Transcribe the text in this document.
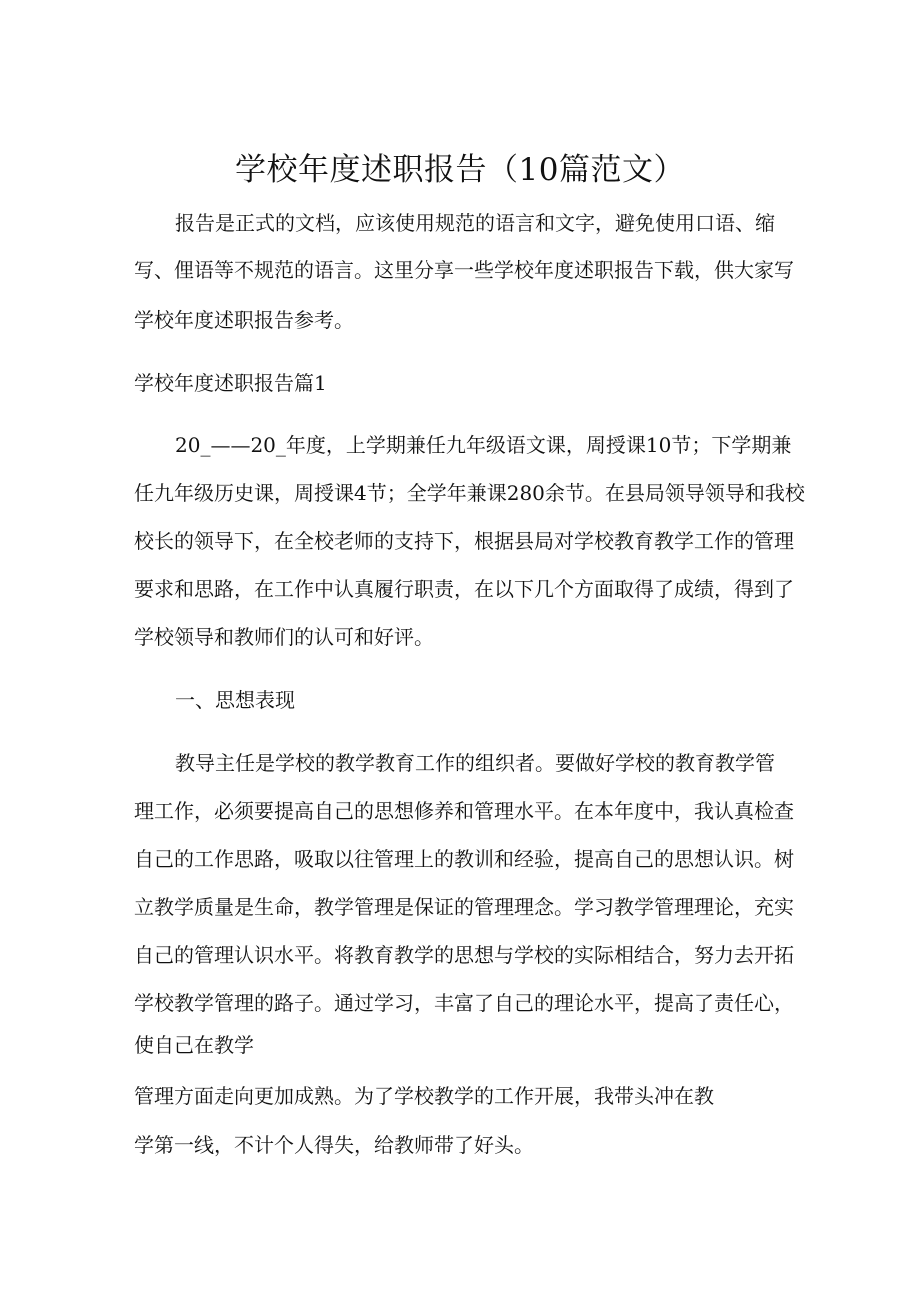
学校年度述职报告（10篇范文）
报告是正式的文档，应该使用规范的语言和文字，避免使用口语、缩
写、俚语等不规范的语言。这里分享一些学校年度述职报告下载，供大家写
学校年度述职报告参考。
学校年度述职报告篇1
20_——20_年度，上学期兼任九年级语文课，周授课10节；下学期兼
任九年级历史课，周授课4节；全学年兼课280余节。在县局领导领导和我校
校长的领导下，在全校老师的支持下，根据县局对学校教育教学工作的管理
要求和思路，在工作中认真履行职责，在以下几个方面取得了成绩，得到了
学校领导和教师们的认可和好评。
一、思想表现
教导主任是学校的教学教育工作的组织者。要做好学校的教育教学管
理工作，必须要提高自己的思想修养和管理水平。在本年度中，我认真检查
自己的工作思路，吸取以往管理上的教训和经验，提高自己的思想认识。树
立教学质量是生命，教学管理是保证的管理理念。学习教学管理理论，充实
自己的管理认识水平。将教育教学的思想与学校的实际相结合，努力去开拓
学校教学管理的路子。通过学习，丰富了自己的理论水平，提高了责任心，
使自己在教学
管理方面走向更加成熟。为了学校教学的工作开展，我带头冲在教
学第一线，不计个人得失，给教师带了好头。
